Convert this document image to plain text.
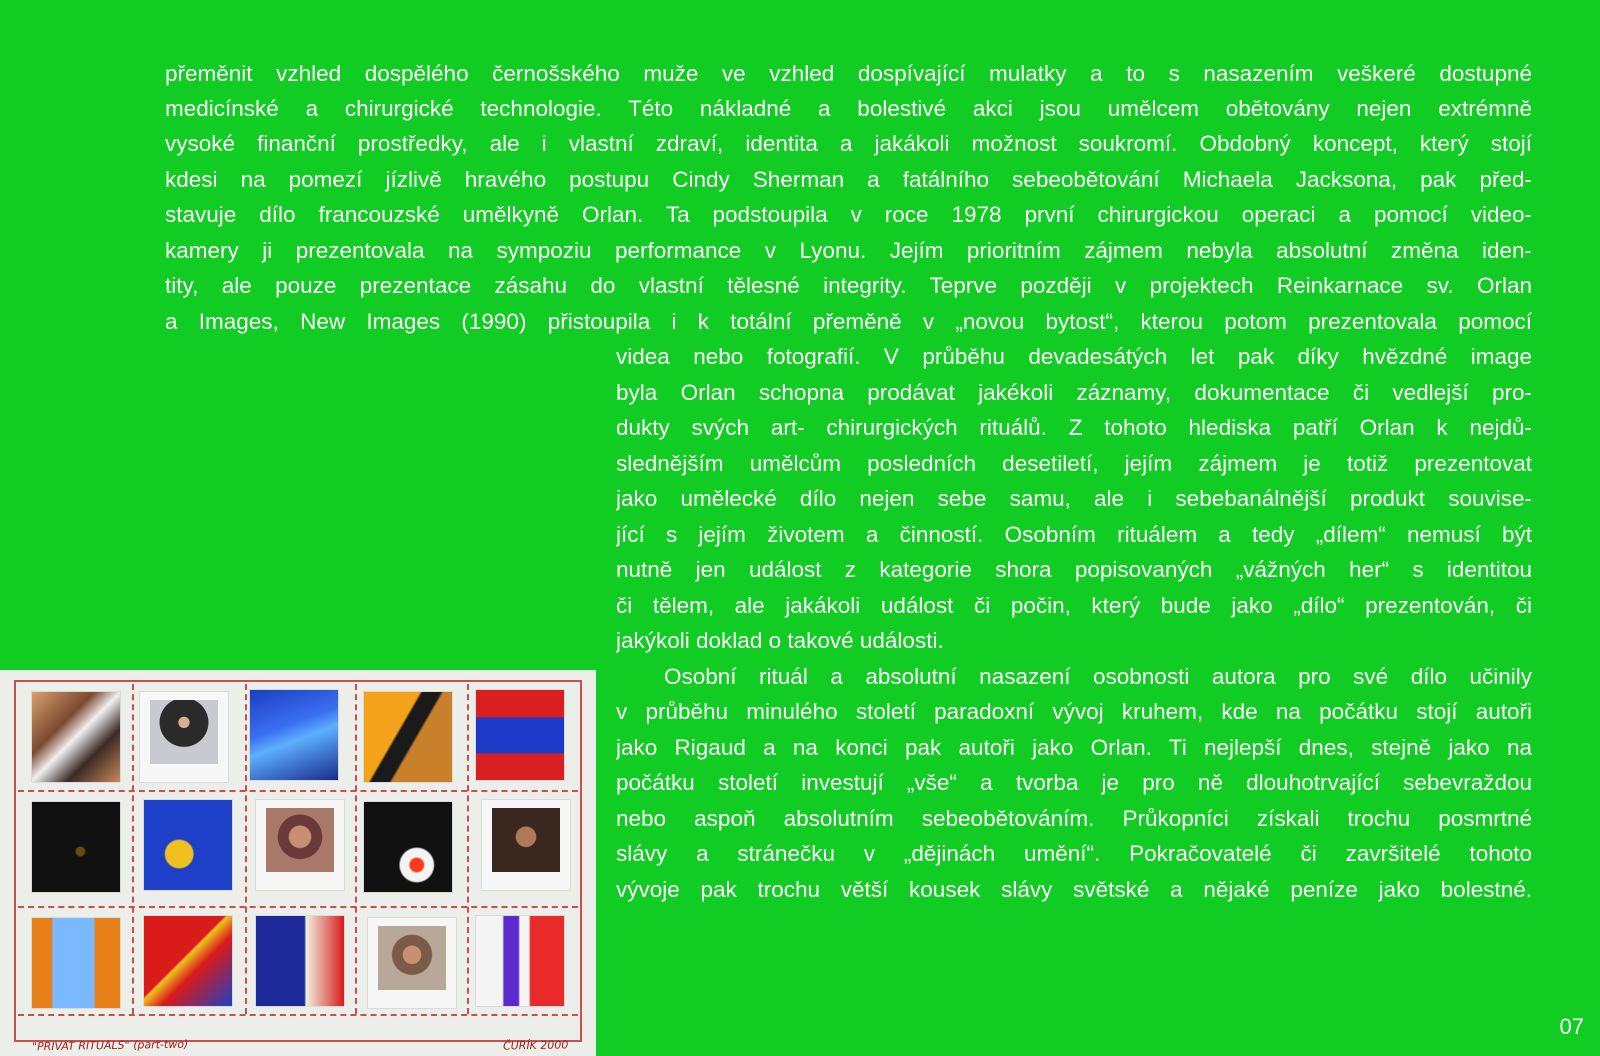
přeměnit vzhled dospělého černošského muže ve vzhled dospívající mulatky a to s nasazením veškeré dostupné
medicínské a chirurgické technologie. Této nákladné a bolestivé akci jsou umělcem obětovány nejen extrémně
vysoké finanční prostředky, ale i vlastní zdraví, identita a jakákoli možnost soukromí. Obdobný koncept, který stojí
kdesi na pomezí jízlivě hravého postupu Cindy Sherman a fatálního sebeobětování Michaela Jacksona, pak před-
stavuje dílo francouzské umělkyně Orlan. Ta podstoupila v roce 1978 první chirurgickou operaci a pomocí video-
kamery ji prezentovala na sympoziu performance v Lyonu. Jejím prioritním zájmem nebyla absolutní změna iden-
tity, ale pouze prezentace zásahu do vlastní tělesné integrity. Teprve později v projektech Reinkarnace sv. Orlan
a Images, New Images (1990) přistoupila i k totální přeměně v „novou bytost“, kterou potom prezentovala pomocí
videa nebo fotografií. V průběhu devadesátých let pak díky hvězdné image
byla Orlan schopna prodávat jakékoli záznamy, dokumentace či vedlejší pro-
dukty svých art- chirurgických rituálů. Z tohoto hlediska patří Orlan k nejdů-
slednějším umělcům posledních desetiletí, jejím zájmem je totiž prezentovat
jako umělecké dílo nejen sebe samu, ale i sebebanálnější produkt souvise-
jící s jejím životem a činností. Osobním rituálem a tedy „dílem“ nemusí být
nutně jen událost z kategorie shora popisovaných „vážných her“ s identitou
či tělem, ale jakákoli událost či počin, který bude jako „dílo“ prezentován, či
jakýkoli doklad o takové události.
Osobní rituál a absolutní nasazení osobnosti autora pro své dílo učinily
v průběhu minulého století paradoxní vývoj kruhem, kde na počátku stojí autoři
jako Rigaud a na konci pak autoři jako Orlan. Ti nejlepší dnes, stejně jako na
počátku století investují „vše“ a tvorba je pro ně dlouhotrvající sebevraždou
nebo aspoň absolutním sebeobětováním. Průkopníci získali trochu posmrtné
slávy a stránečku v „dějinách umění“. Pokračovatelé či završitelé tohoto
vývoje pak trochu větší kousek slávy světské a nějaké peníze jako bolestné.
"PRIVAT RITUALS" (part-two)	ČURÍK 2000
07
